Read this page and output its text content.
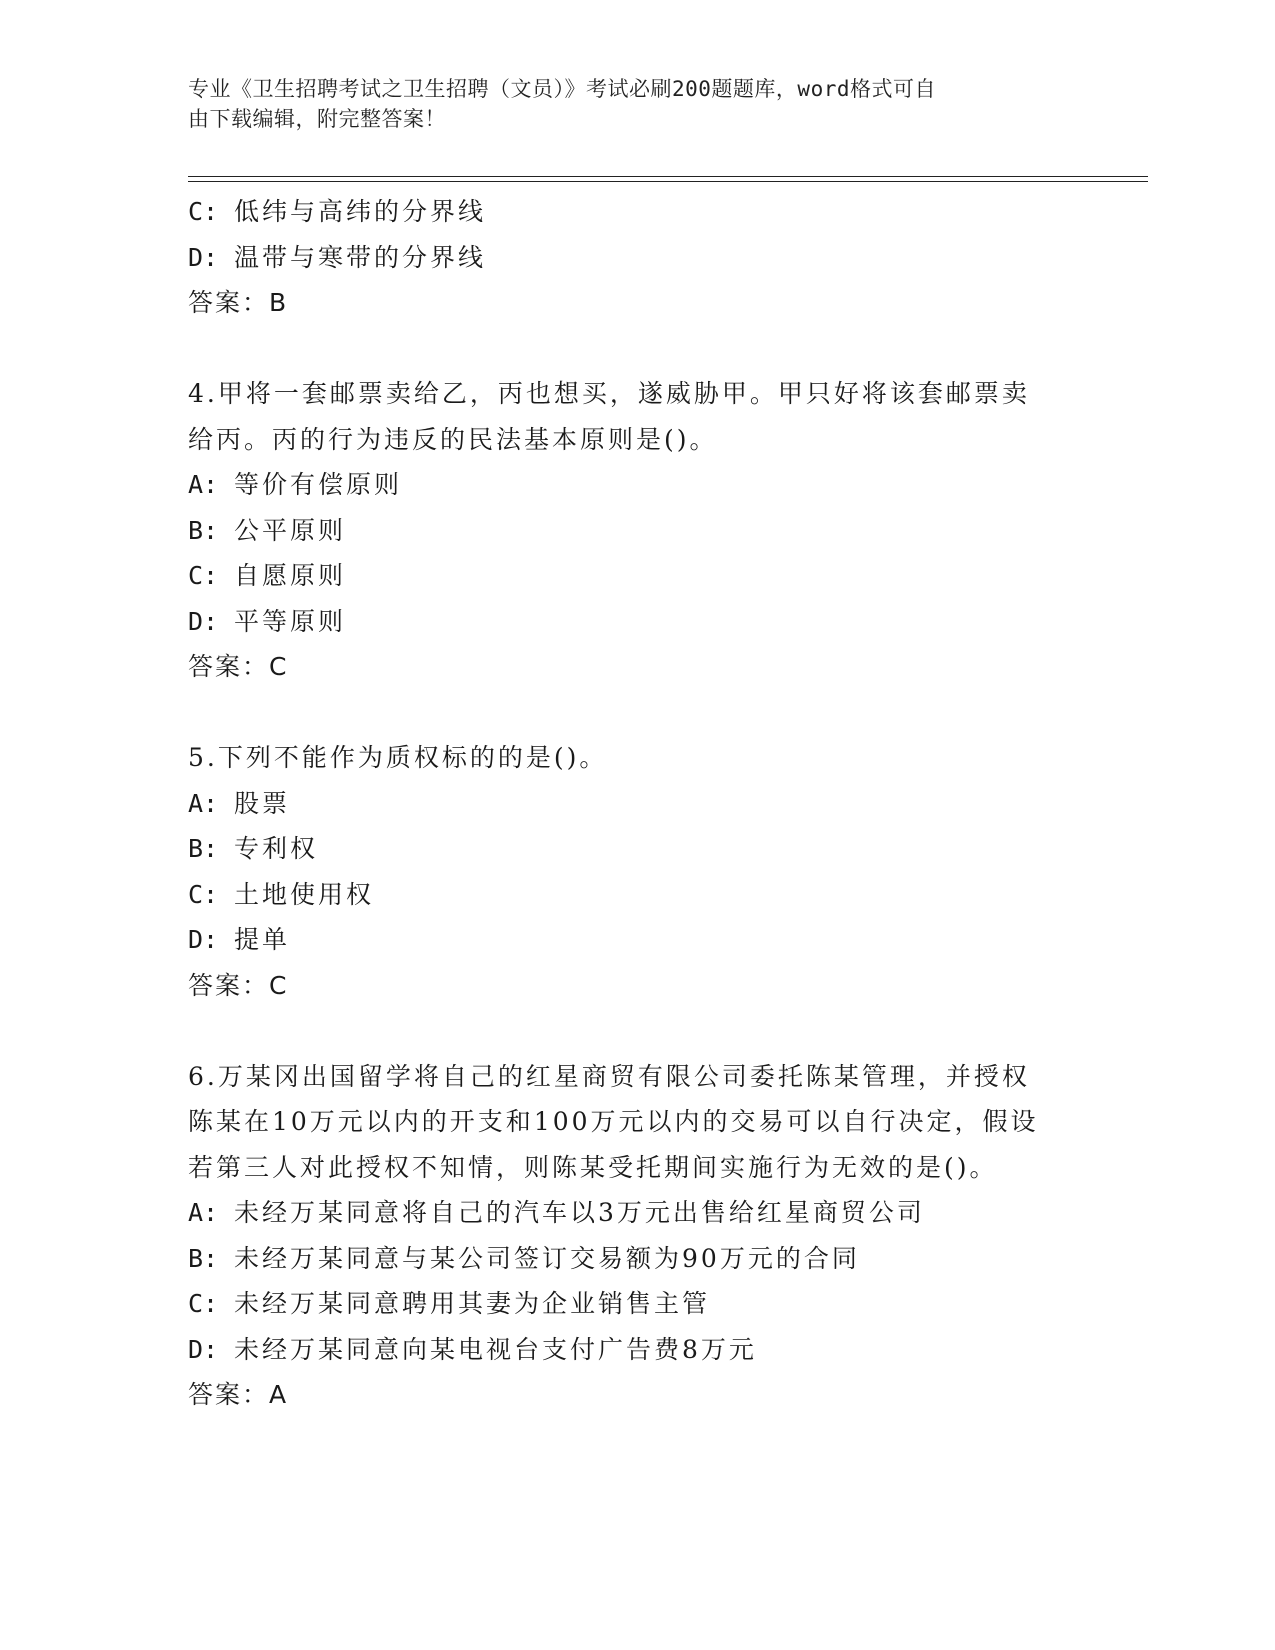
专业《卫生招聘考试之卫生招聘（文员）》考试必刷200题题库，word格式可自
由下载编辑，附完整答案！
C: 低纬与高纬的分界线
D: 温带与寒带的分界线
答案：B
4.甲将一套邮票卖给乙，丙也想买，遂威胁甲。甲只好将该套邮票卖
给丙。丙的行为违反的民法基本原则是()。
A: 等价有偿原则
B: 公平原则
C: 自愿原则
D: 平等原则
答案：C
5.下列不能作为质权标的的是()。
A: 股票
B: 专利权
C: 土地使用权
D: 提单
答案：C
6.万某冈出国留学将自己的红星商贸有限公司委托陈某管理，并授权
陈某在10万元以内的开支和100万元以内的交易可以自行决定，假设
若第三人对此授权不知情，则陈某受托期间实施行为无效的是()。
A: 未经万某同意将自己的汽车以3万元出售给红星商贸公司
B: 未经万某同意与某公司签订交易额为90万元的合同
C: 未经万某同意聘用其妻为企业销售主管
D: 未经万某同意向某电视台支付广告费8万元
答案：A
